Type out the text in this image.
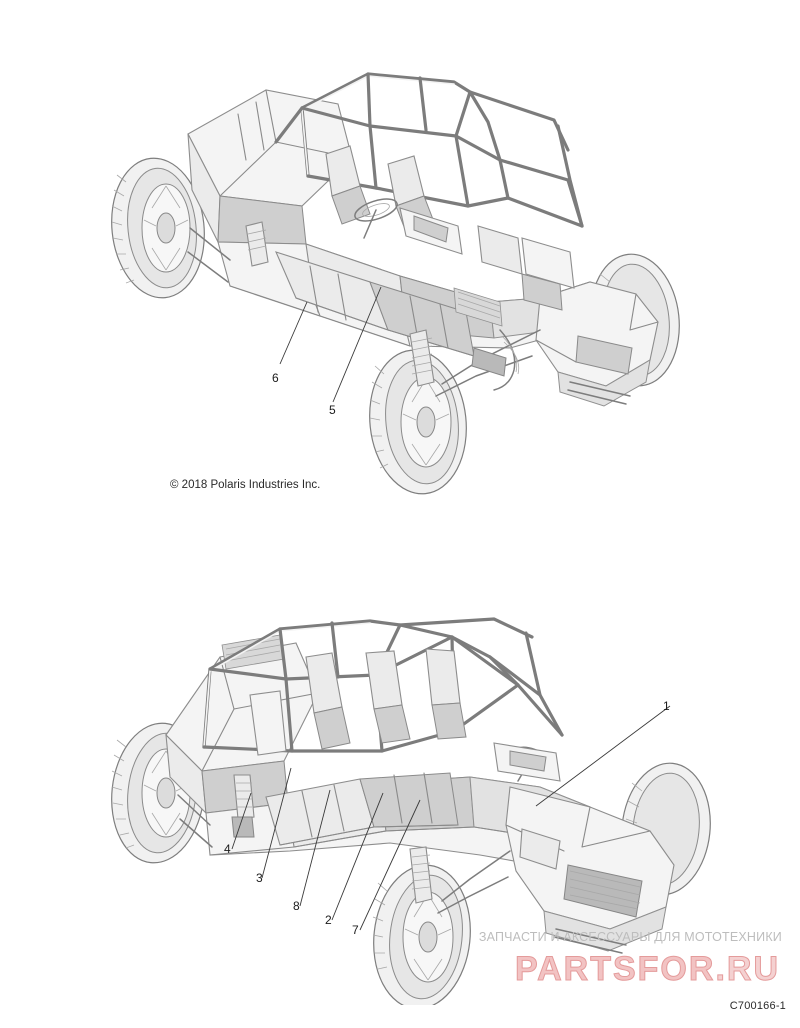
6
5
© 2018 Polaris Industries Inc.
1
4
3
8
2
7	ЗАПЧАСТИ И АКСЕССУАРЫ ДЛЯ МОТОТЕХНИКИ
PARTSFOR.RU
C700166-1
